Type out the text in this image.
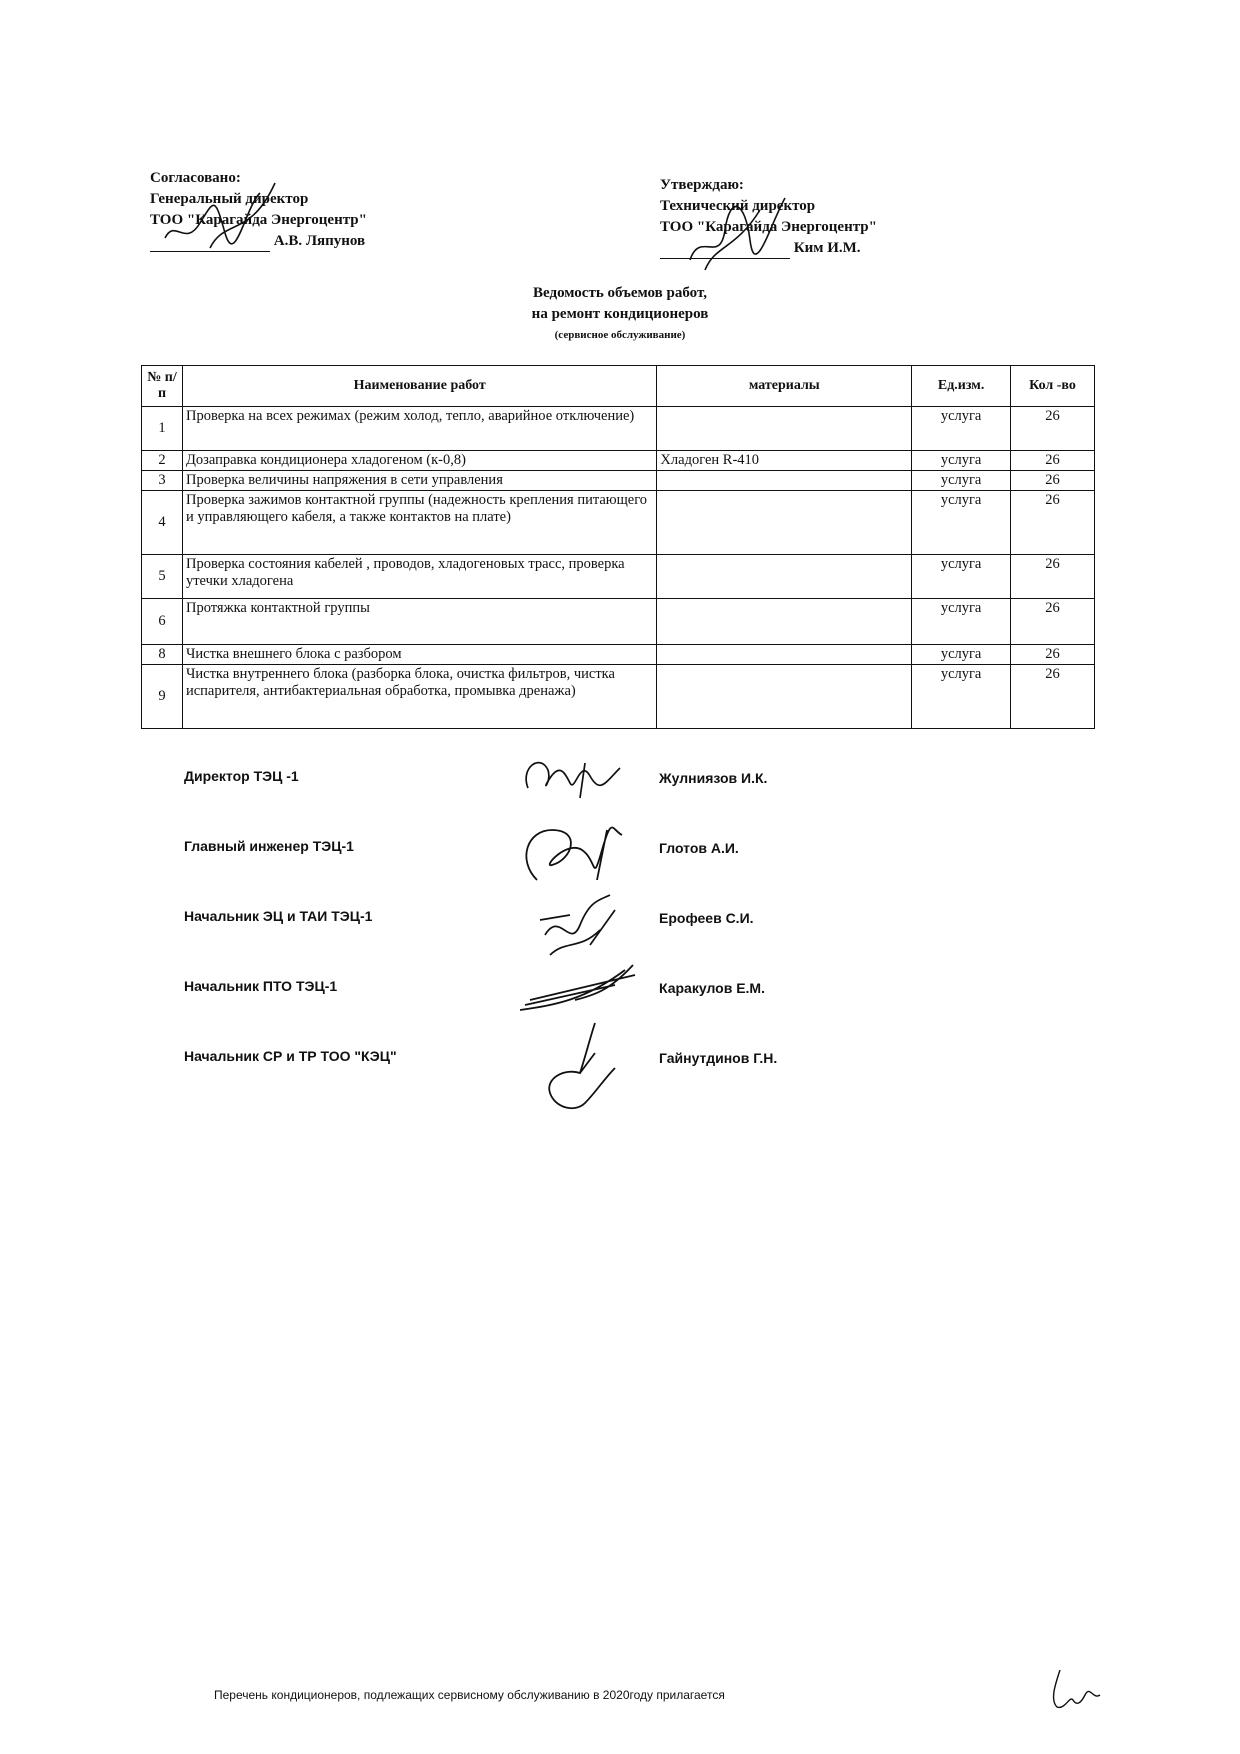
Согласовано:
Генеральный директор
ТОО "Карагайда Энергоцентр"
А.В. Ляпунов
Утверждаю:
Технический директор
ТОО "Карагайда Энергоцентр"
Ким И.М.
Ведомость объемов работ,
на ремонт кондиционеров
(сервисное обслуживание)
№ п/п	Наименование работ	материалы	Ед.изм.	Кол -во
1	Проверка на всех режимах (режим холод, тепло, аварийное отключение)		услуга	26
2	Дозаправка кондиционера хладогеном (к-0,8)	Хладоген R-410	услуга	26
3	Проверка величины напряжения в сети управления		услуга	26
4	Проверка зажимов контактной группы (надежность крепления питающего и управляющего кабеля, а также контактов на плате)		услуга	26
5	Проверка состояния кабелей , проводов, хладогеновых трасс, проверка утечки хладогена		услуга	26
6	Протяжка контактной группы		услуга	26
8	Чистка внешнего блока с разбором		услуга	26
9	Чистка внутреннего блока (разборка блока, очистка фильтров, чистка испарителя, антибактериальная обработка, промывка дренажа)		услуга	26
Директор ТЭЦ -1	Жулниязов И.К.
Главный инженер ТЭЦ-1	Глотов А.И.
Начальник ЭЦ и ТАИ ТЭЦ-1	Ерофеев С.И.
Начальник ПТО ТЭЦ-1	Каракулов Е.М.
Начальник СР и ТР ТОО "КЭЦ"	Гайнутдинов Г.Н.
Перечень кондиционеров, подлежащих сервисному обслуживанию в 2020году прилагается
